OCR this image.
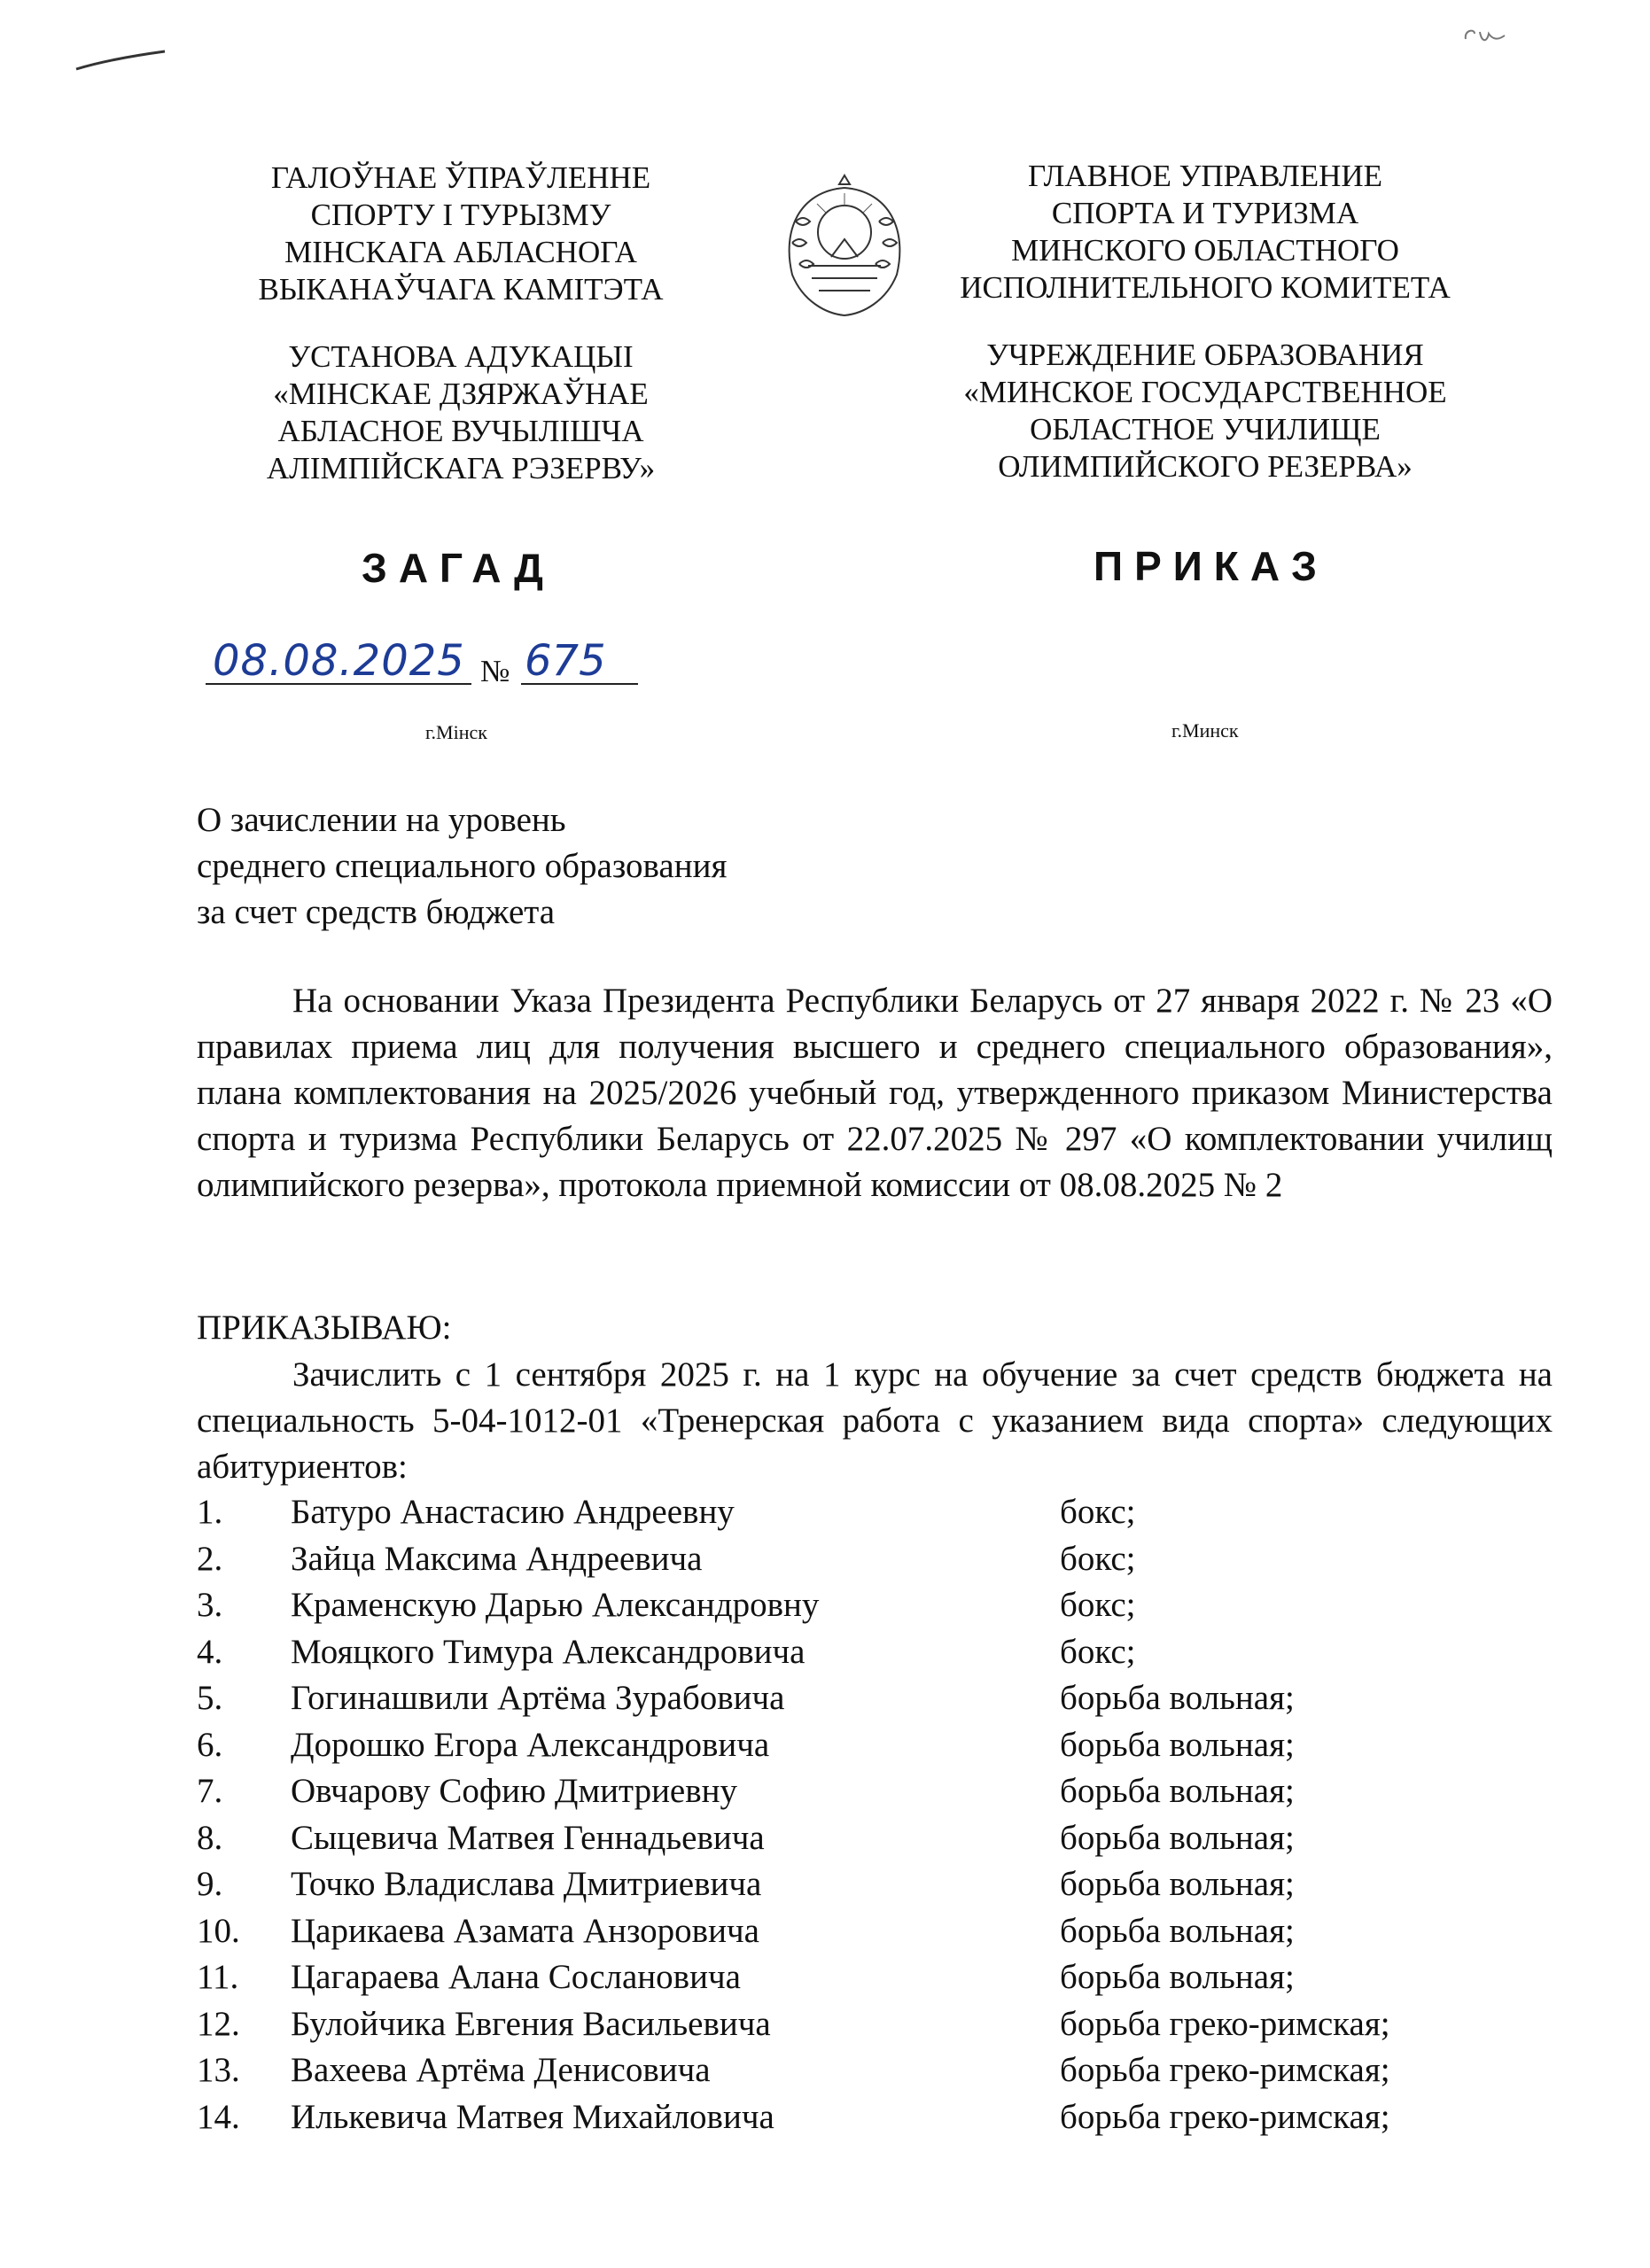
ГАЛОЎНАЕ ЎПРАЎЛЕННЕ
СПОРТУ І ТУРЫЗМУ
МІНСКАГА АБЛАСНОГА
ВЫКАНАЎЧАГА КАМІТЭТА
УСТАНОВА АДУКАЦЫІ
«МІНСКАЕ ДЗЯРЖАЎНАЕ
АБЛАСНОЕ ВУЧЫЛІШЧА
АЛІМПІЙСКАГА РЭЗЕРВУ»
ГЛАВНОЕ УПРАВЛЕНИЕ
СПОРТА И ТУРИЗМА
МИНСКОГО ОБЛАСТНОГО
ИСПОЛНИТЕЛЬНОГО КОМИТЕТА
УЧРЕЖДЕНИЕ ОБРАЗОВАНИЯ
«МИНСКОЕ ГОСУДАРСТВЕННОЕ
ОБЛАСТНОЕ УЧИЛИЩЕ
ОЛИМПИЙСКОГО РЕЗЕРВА»
ЗАГАД	ПРИКАЗ
08.08.2025 № 675
г.Мінск	г.Минск
О зачислении на уровень
среднего специального образования
за счет средств бюджета
На основании Указа Президента Республики Беларусь от 27 января 2022 г. № 23 «О правилах приема лиц для получения высшего и среднего специального образования», плана комплектования на 2025/2026 учебный год, утвержденного приказом Министерства спорта и туризма Республики Беларусь от 22.07.2025 № 297 «О комплектовании училищ олимпийского резерва», протокола приемной комиссии от 08.08.2025 № 2
ПРИКАЗЫВАЮ:
Зачислить с 1 сентября 2025 г. на 1 курс на обучение за счет средств бюджета на специальность 5-04-1012-01 «Тренерская работа с указанием вида спорта» следующих абитуриентов:
1. Батуро Анастасию Андреевну	бокс;
2. Зайца Максима Андреевича	бокс;
3. Краменскую Дарью Александровну	бокс;
4. Мояцкого Тимура Александровича	бокс;
5. Гогинашвили Артёма Зурабовича	борьба вольная;
6. Дорошко Егора Александровича	борьба вольная;
7. Овчарову Софию Дмитриевну	борьба вольная;
8. Сыцевича Матвея Геннадьевича	борьба вольная;
9. Точко Владислава Дмитриевича	борьба вольная;
10. Царикаева Азамата Анзоровича	борьба вольная;
11. Цагараева Алана Сослановича	борьба вольная;
12. Булойчика Евгения Васильевича	борьба греко-римская;
13. Вахеева Артёма Денисовича	борьба греко-римская;
14. Илькевича Матвея Михайловича	борьба греко-римская;
